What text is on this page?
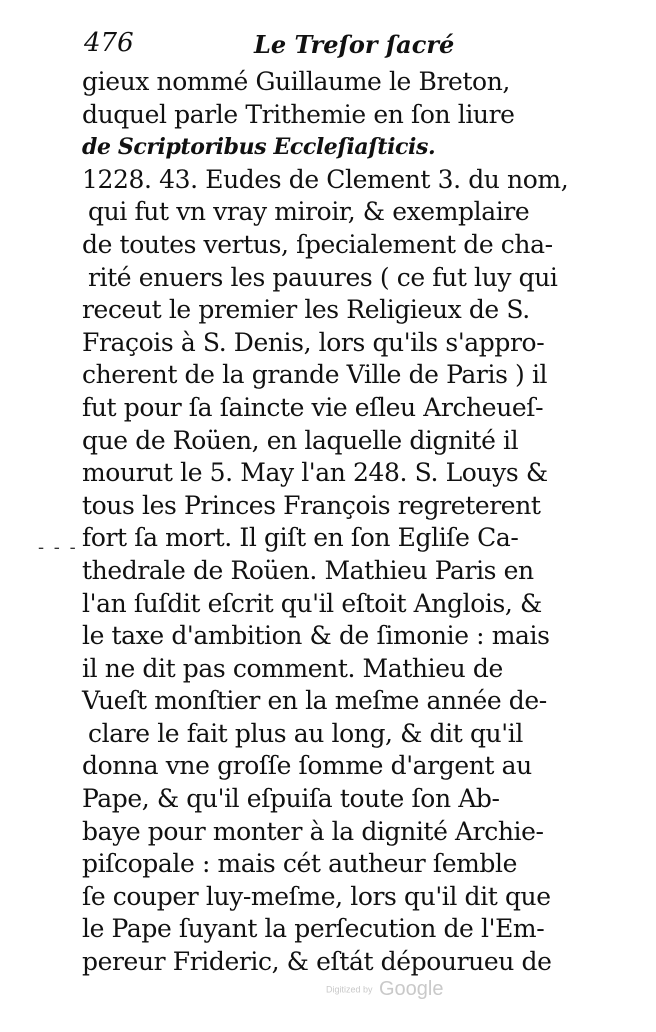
476	Le Treſor ſacré
- - -
gieux nommé Guillaume le Breton,
duquel parle Trithemie en ſon liure
de Scriptoribus Eccleſiaſticis.
1228. 43. Eudes de Clement 3. du nom,
qui fut vn vray miroir, & exemplaire
de toutes vertus, ſpecialement de cha-
rité enuers les pauures ( ce fut luy qui
receut le premier les Religieux de S.
Fraçois à S. Denis, lors qu'ils s'appro-
cherent de la grande Ville de Paris ) il
fut pour ſa ſaincte vie eſleu Archeueſ-
que de Roüen, en laquelle dignité il
mourut le 5. May l'an 248. S. Louys &
tous les Princes François regreterent
fort ſa mort. Il giſt en ſon Egliſe Ca-
thedrale de Roüen. Mathieu Paris en
l'an ſuſdit eſcrit qu'il eſtoit Anglois, &
le taxe d'ambition & de ſimonie : mais
il ne dit pas comment. Mathieu de
Vueſt monſtier en la meſme année de-
clare le fait plus au long, & dit qu'il
donna vne groſſe ſomme d'argent au
Pape, & qu'il eſpuiſa toute ſon Ab-
baye pour monter à la dignité Archie-
piſcopale : mais cét autheur ſemble
ſe couper luy-meſme, lors qu'il dit que
le Pape ſuyant la perſecution de l'Em-
pereur Frideric, & eſtát dépourueu de
Digitized by Google
